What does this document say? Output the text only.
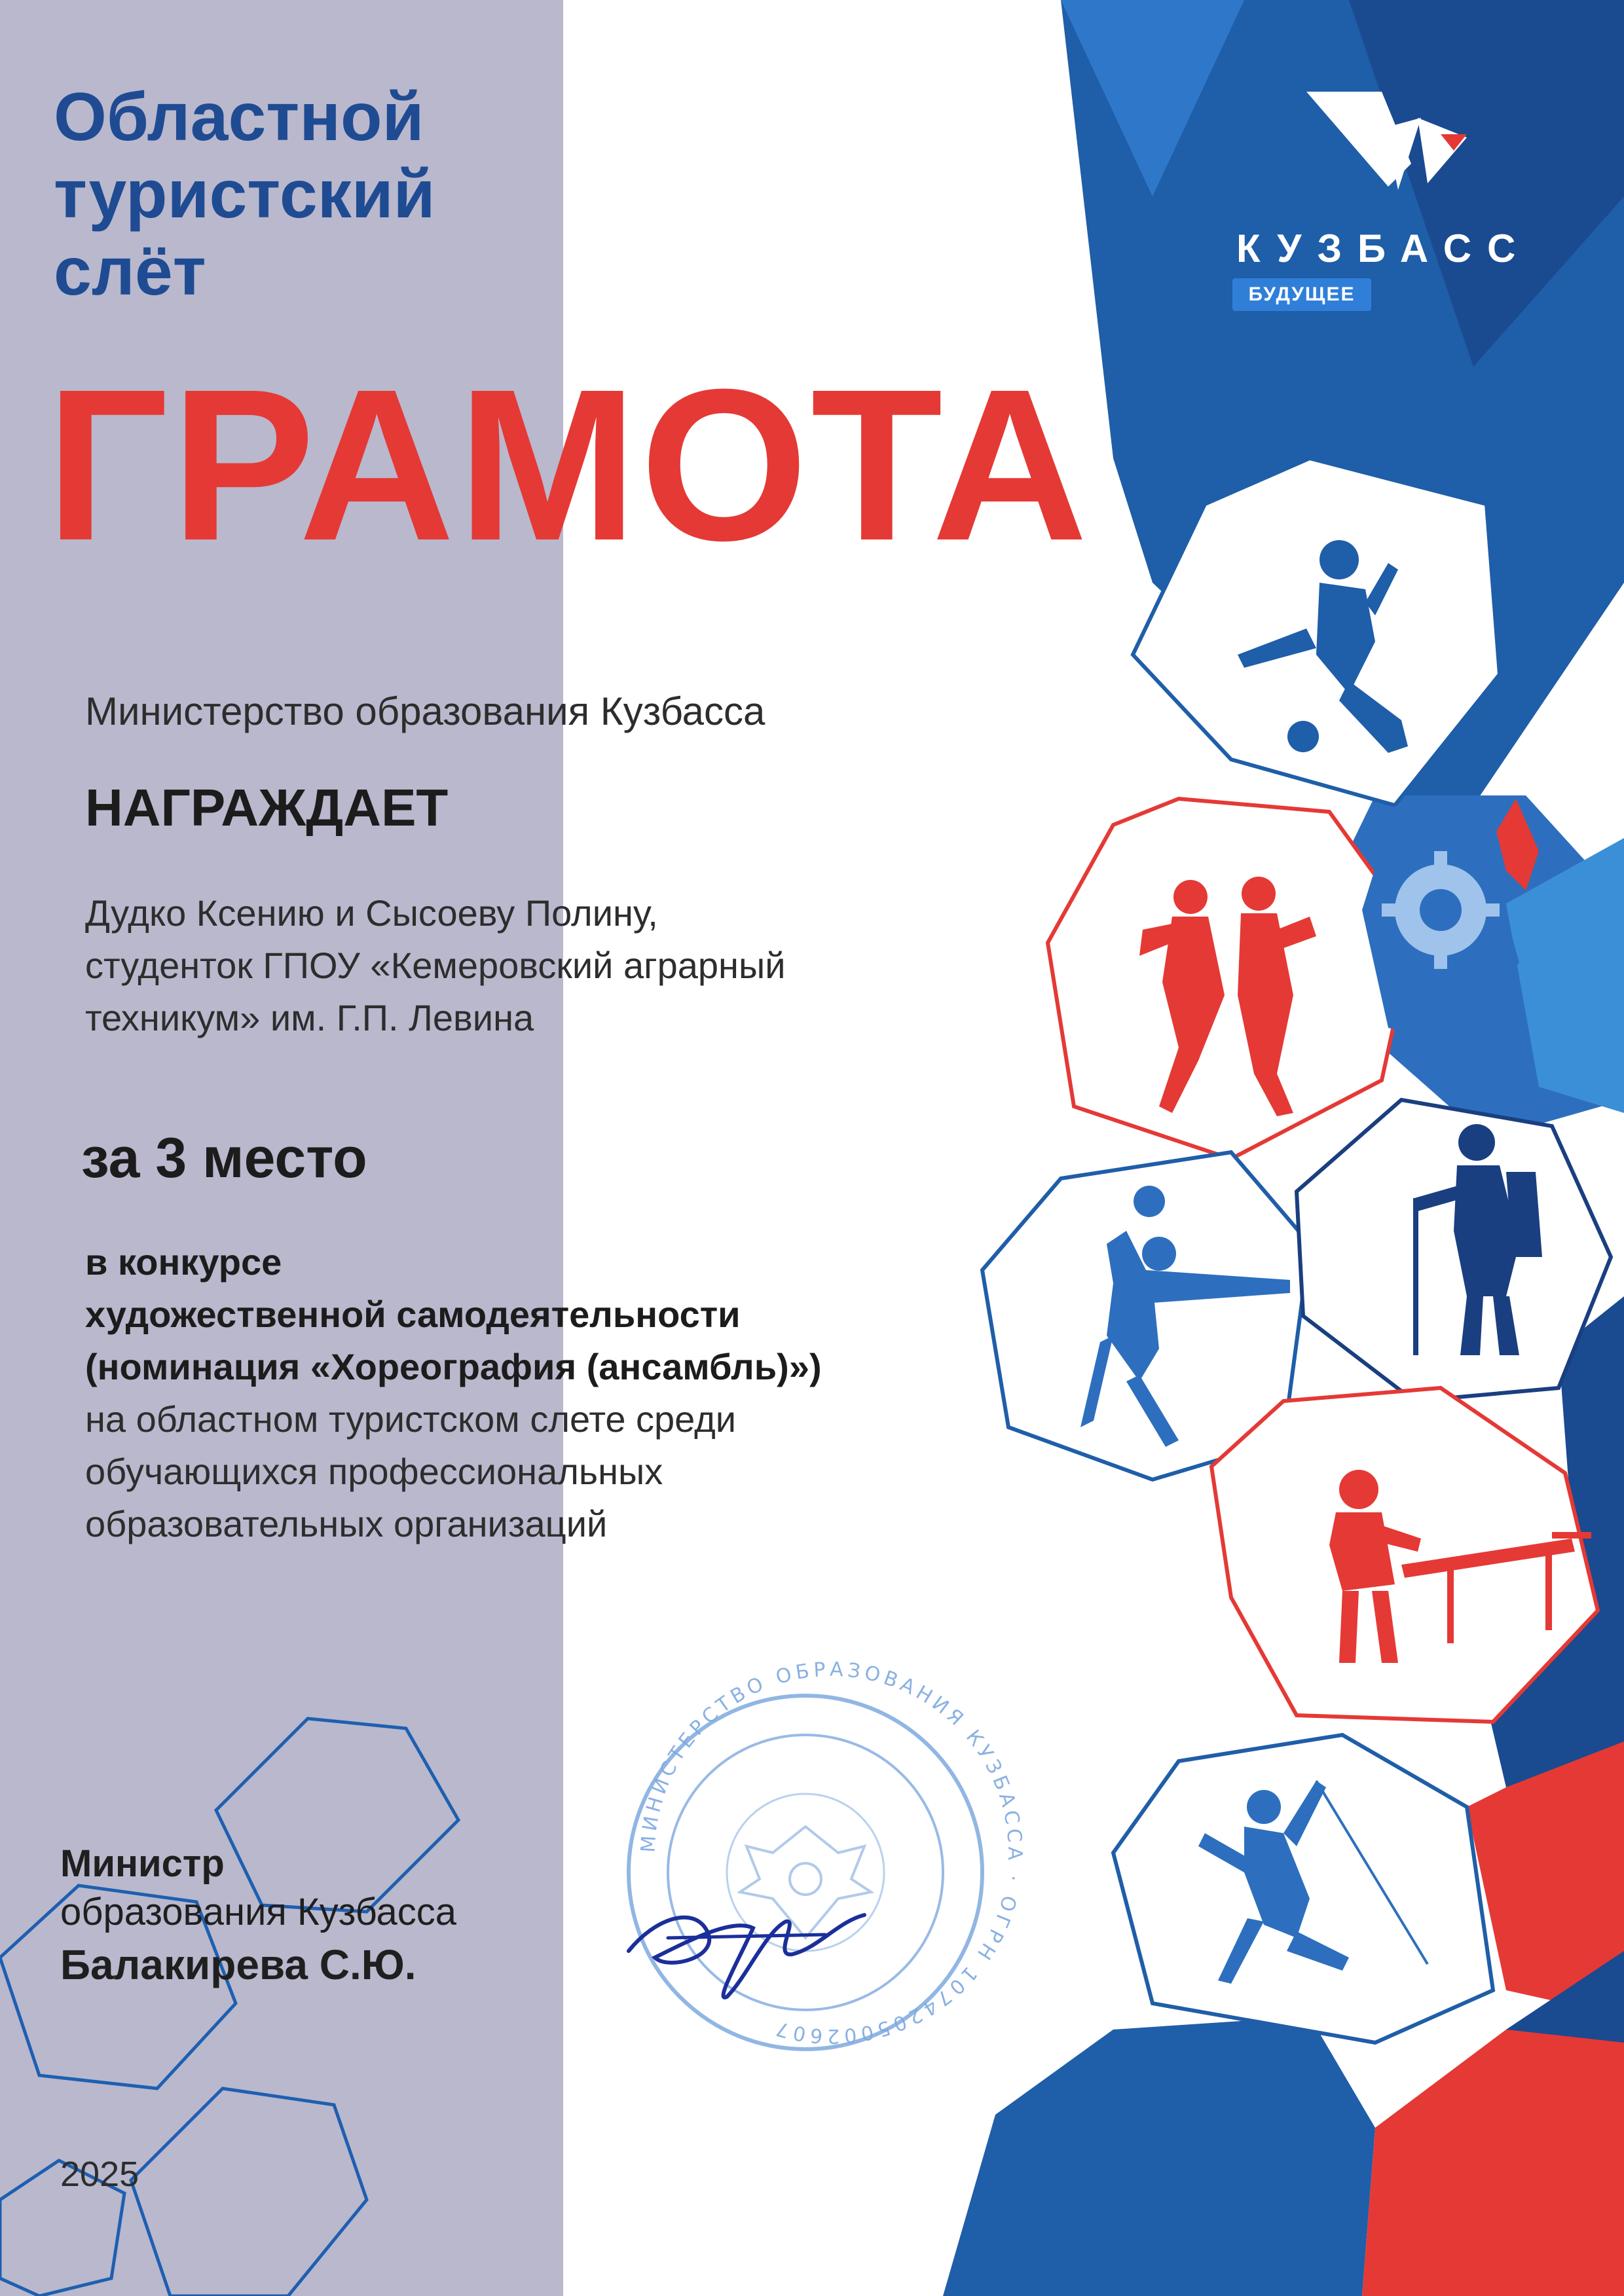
КУЗБАСС
БУДУЩЕЕ
Областной
туристский
слёт
ГРАМОТА
Министерство образования Кузбасса
НАГРАЖДАЕТ
Дудко Ксению и Сысоеву Полину,
студенток ГПОУ «Кемеровский аграрный
техникум» им. Г.П. Левина
за 3 место
в конкурсе
художественной самодеятельности
(номинация «Хореография (ансамбль)»)
на областном туристском слете среди
обучающихся профессиональных
образовательных организаций
Министр
образования Кузбасса
Балакирева С.Ю.
МИНИСТЕРСТВО ОБРАЗОВАНИЯ КУЗБАССА · ОГРН 1074205002607
2025
